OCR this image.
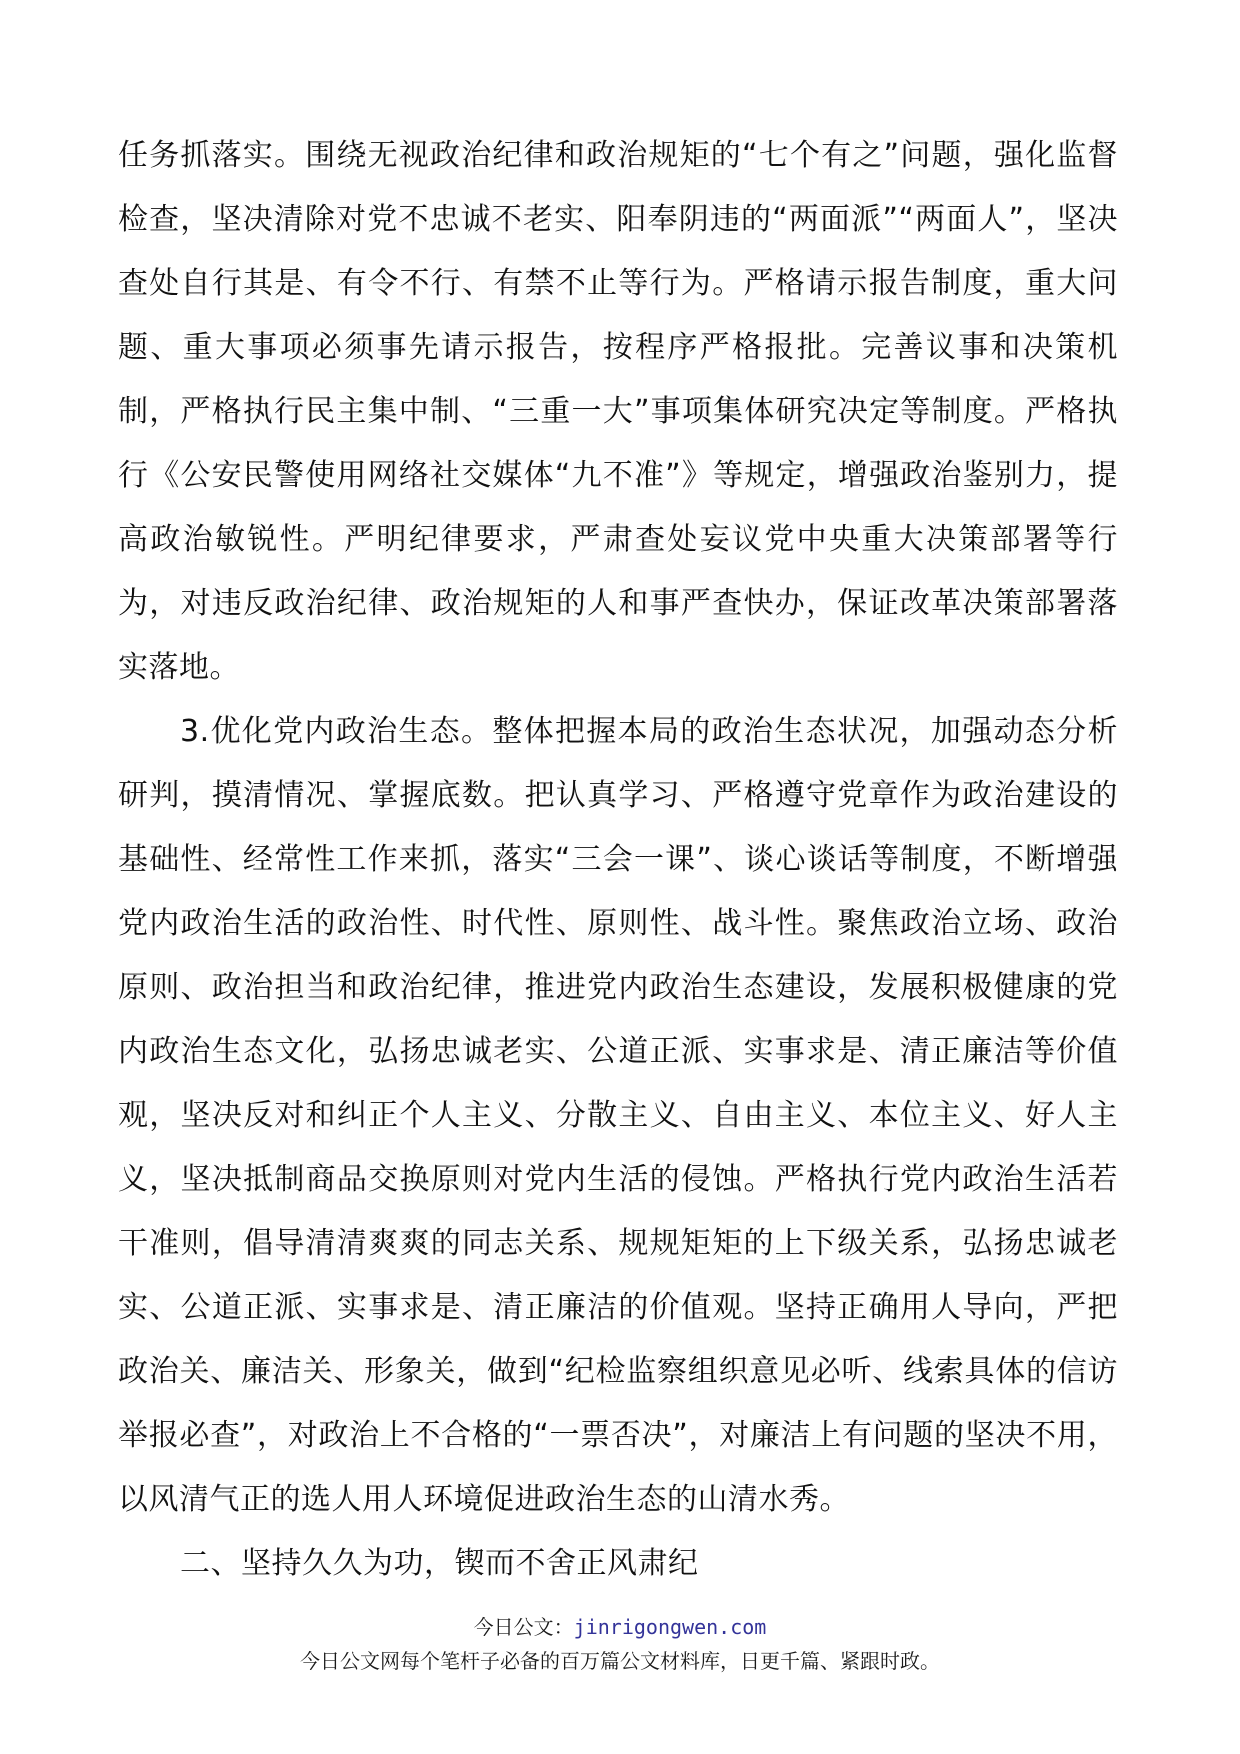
任务抓落实。围绕无视政治纪律和政治规矩的“七个有之”问题，强化监督检查，坚决清除对党不忠诚不老实、阳奉阴违的“两面派”“两面人”，坚决查处自行其是、有令不行、有禁不止等行为。严格请示报告制度，重大问题、重大事项必须事先请示报告，按程序严格报批。完善议事和决策机制，严格执行民主集中制、“三重一大”事项集体研究决定等制度。严格执行《公安民警使用网络社交媒体“九不准”》等规定，增强政治鉴别力，提高政治敏锐性。严明纪律要求，严肃查处妄议党中央重大决策部署等行为，对违反政治纪律、政治规矩的人和事严查快办，保证改革决策部署落实落地。

3.优化党内政治生态。整体把握本局的政治生态状况，加强动态分析研判，摸清情况、掌握底数。把认真学习、严格遵守党章作为政治建设的基础性、经常性工作来抓，落实“三会一课”、谈心谈话等制度，不断增强党内政治生活的政治性、时代性、原则性、战斗性。聚焦政治立场、政治原则、政治担当和政治纪律，推进党内政治生态建设，发展积极健康的党内政治生态文化，弘扬忠诚老实、公道正派、实事求是、清正廉洁等价值观，坚决反对和纠正个人主义、分散主义、自由主义、本位主义、好人主义，坚决抵制商品交换原则对党内生活的侵蚀。严格执行党内政治生活若干准则，倡导清清爽爽的同志关系、规规矩矩的上下级关系，弘扬忠诚老实、公道正派、实事求是、清正廉洁的价值观。坚持正确用人导向，严把政治关、廉洁关、形象关，做到“纪检监察组织意见必听、线索具体的信访举报必查”，对政治上不合格的“一票否决”，对廉洁上有问题的坚决不用，以风清气正的选人用人环境促进政治生态的山清水秀。

二、坚持久久为功，锲而不舍正风肃纪

今日公文：jinrigongwen.com
今日公文网每个笔杆子必备的百万篇公文材料库，日更千篇、紧跟时政。
